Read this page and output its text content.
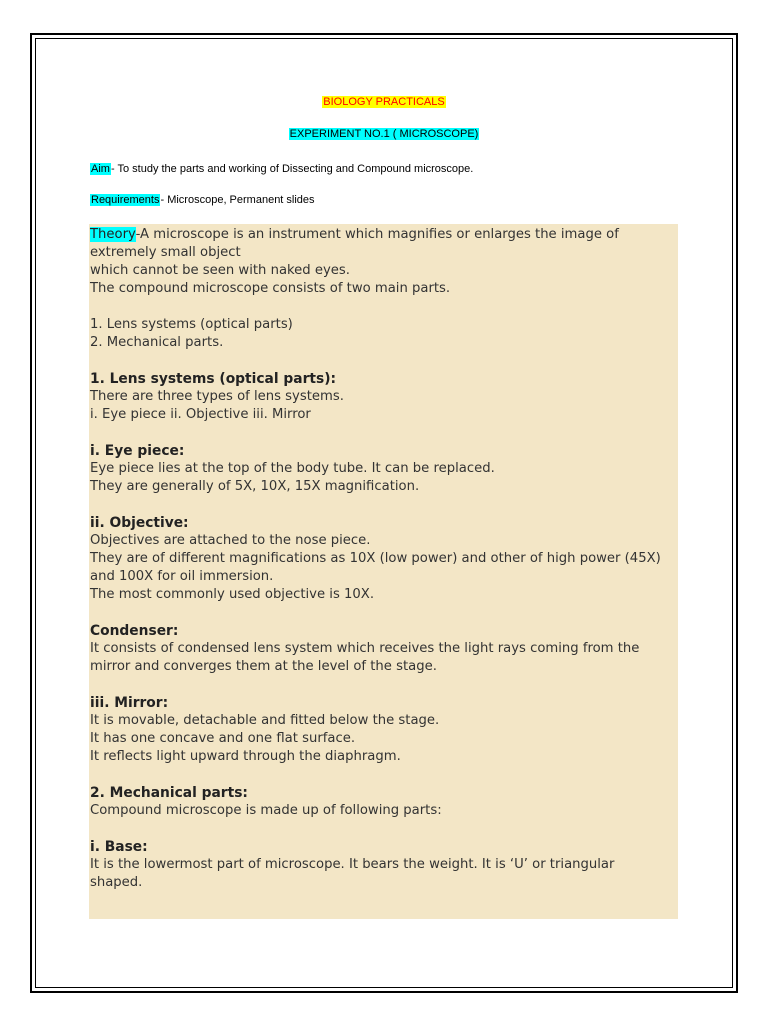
BIOLOGY PRACTICALS
EXPERIMENT NO.1 ( MICROSCOPE)
Aim- To study the parts and working of Dissecting and Compound microscope.
Requirements- Microscope, Permanent slides

Theory-A microscope is an instrument which magnifies or enlarges the image of

extremely small object

which cannot be seen with naked eyes.

The compound microscope consists of two main parts.

1. Lens systems (optical parts)

2. Mechanical parts.

1. Lens systems (optical parts):

There are three types of lens systems.

i. Eye piece ii. Objective iii. Mirror

i. Eye piece:

Eye piece lies at the top of the body tube. It can be replaced.

They are generally of 5X, 10X, 15X magnification.

ii. Objective:

Objectives are attached to the nose piece.

They are of different magnifications as 10X (low power) and other of high power (45X)

and 100X for oil immersion.

The most commonly used objective is 10X.

Condenser:

It consists of condensed lens system which receives the light rays coming from the

mirror and converges them at the level of the stage.

iii. Mirror:

It is movable, detachable and fitted below the stage.

It has one concave and one flat surface.

It reflects light upward through the diaphragm.

2. Mechanical parts:

Compound microscope is made up of following parts:

i. Base:

It is the lowermost part of microscope. It bears the weight. It is ‘U’ or triangular

shaped.
